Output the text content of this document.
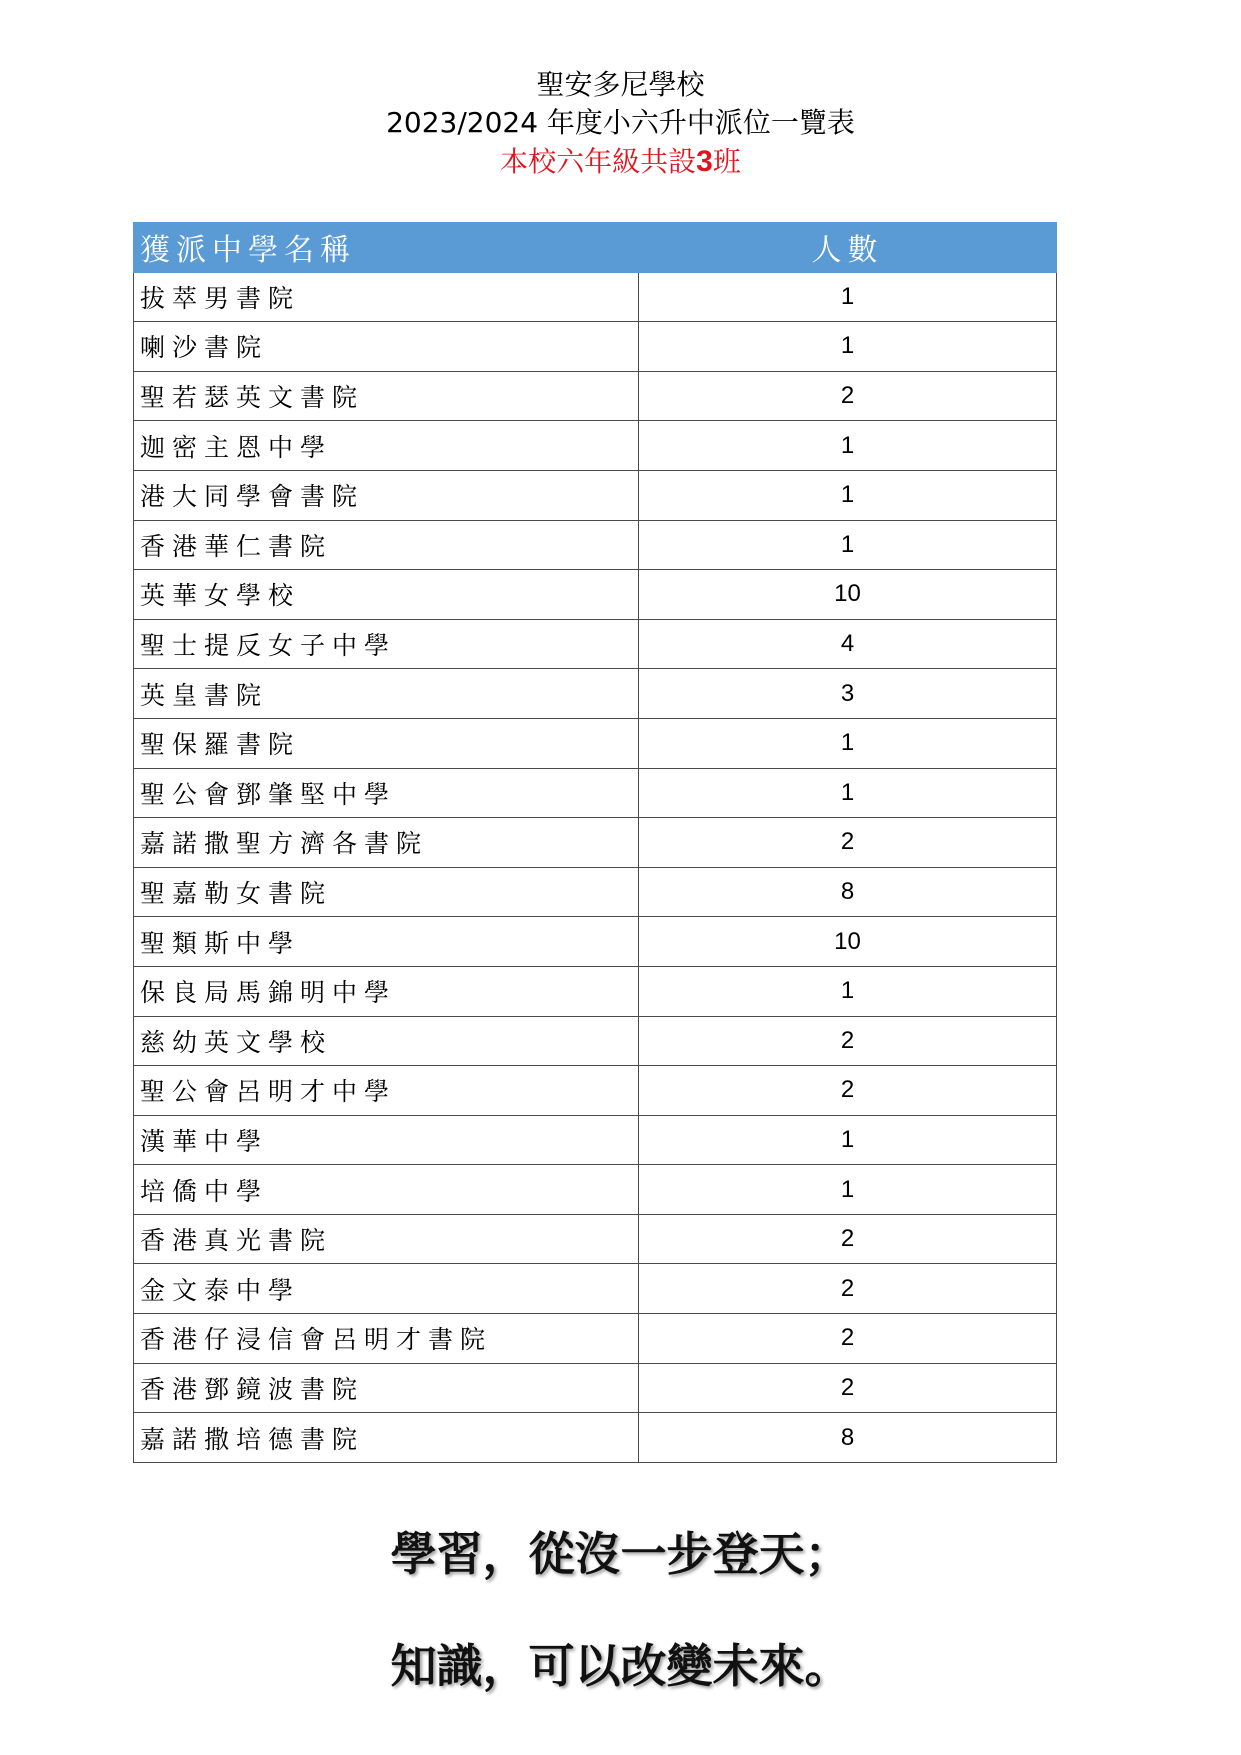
聖安多尼學校
2023/2024 年度小六升中派位一覽表
本校六年級共設3班
獲派中學名稱	人數
拔萃男書院	1
喇沙書院	1
聖若瑟英文書院	2
迦密主恩中學	1
港大同學會書院	1
香港華仁書院	1
英華女學校	10
聖士提反女子中學	4
英皇書院	3
聖保羅書院	1
聖公會鄧肇堅中學	1
嘉諾撒聖方濟各書院	2
聖嘉勒女書院	8
聖類斯中學	10
保良局馬錦明中學	1
慈幼英文學校	2
聖公會呂明才中學	2
漢華中學	1
培僑中學	1
香港真光書院	2
金文泰中學	2
香港仔浸信會呂明才書院	2
香港鄧鏡波書院	2
嘉諾撒培德書院	8
學習，從沒一步登天；
知識，可以改變未來。
